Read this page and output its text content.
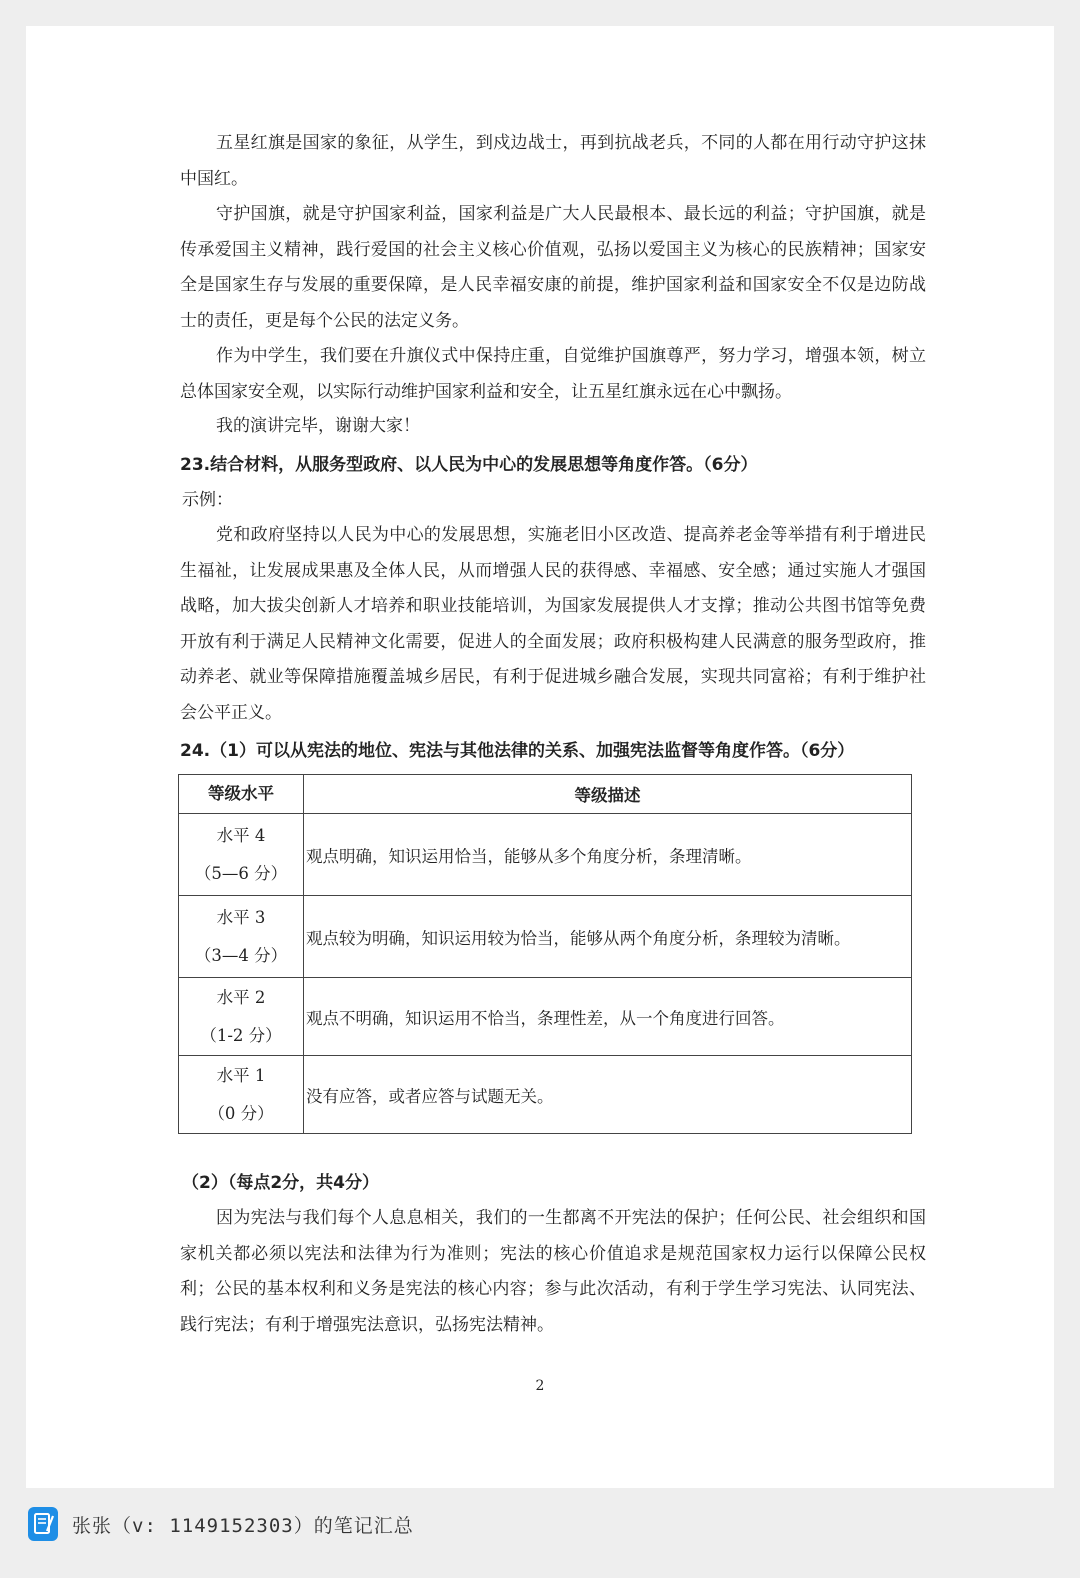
五星红旗是国家的象征，从学生，到戍边战士，再到抗战老兵，不同的人都在用行动守护这抹中国红。

守护国旗，就是守护国家利益，国家利益是广大人民最根本、最长远的利益；守护国旗，就是传承爱国主义精神，践行爱国的社会主义核心价值观，弘扬以爱国主义为核心的民族精神；国家安全是国家生存与发展的重要保障，是人民幸福安康的前提，维护国家利益和国家安全不仅是边防战士的责任，更是每个公民的法定义务。

作为中学生，我们要在升旗仪式中保持庄重，自觉维护国旗尊严，努力学习，增强本领，树立总体国家安全观，以实际行动维护国家利益和安全，让五星红旗永远在心中飘扬。

我的演讲完毕，谢谢大家！

23.结合材料，从服务型政府、以人民为中心的发展思想等角度作答。（6分）

示例：

党和政府坚持以人民为中心的发展思想，实施老旧小区改造、提高养老金等举措有利于增进民生福祉，让发展成果惠及全体人民，从而增强人民的获得感、幸福感、安全感；通过实施人才强国战略，加大拔尖创新人才培养和职业技能培训，为国家发展提供人才支撑；推动公共图书馆等免费开放有利于满足人民精神文化需要，促进人的全面发展；政府积极构建人民满意的服务型政府，推动养老、就业等保障措施覆盖城乡居民，有利于促进城乡融合发展，实现共同富裕；有利于维护社会公平正义。

24.（1）可以从宪法的地位、宪法与其他法律的关系、加强宪法监督等角度作答。（6分）

等级水平	等级描述

水平 4
（5—6 分）	观点明确，知识运用恰当，能够从多个角度分析，条理清晰。

水平 3
（3—4 分）	观点较为明确，知识运用较为恰当，能够从两个角度分析，条理较为清晰。

水平 2
（1-2 分）	观点不明确，知识运用不恰当，条理性差，从一个角度进行回答。

水平 1
（0 分）	没有应答，或者应答与试题无关。

（2）（每点2分，共4分）

因为宪法与我们每个人息息相关，我们的一生都离不开宪法的保护；任何公民、社会组织和国家机关都必须以宪法和法律为行为准则；宪法的核心价值追求是规范国家权力运行以保障公民权利；公民的基本权利和义务是宪法的核心内容；参与此次活动，有利于学生学习宪法、认同宪法、践行宪法；有利于增强宪法意识，弘扬宪法精神。

2
张张（v: 1149152303）的笔记汇总
